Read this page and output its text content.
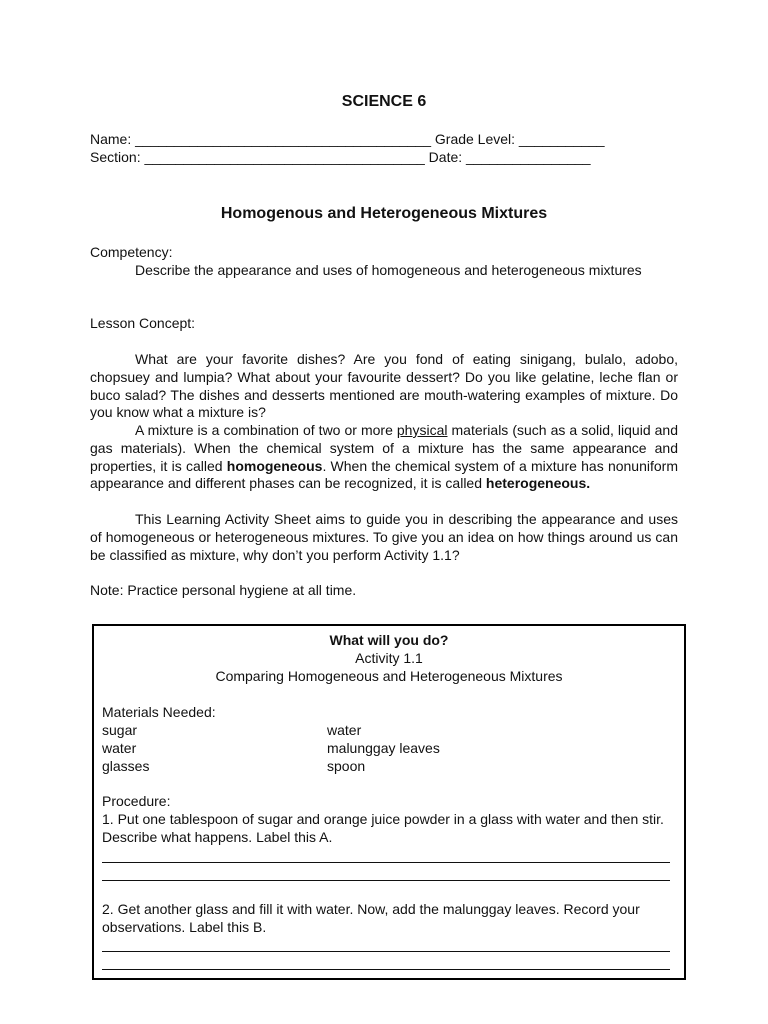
SCIENCE 6
Name: ______________________________________ Grade Level: ___________
Section: ____________________________________ Date: ________________
Homogenous and Heterogeneous Mixtures
Competency:
Describe the appearance and uses of homogeneous and heterogeneous mixtures
Lesson Concept:
What are your favorite dishes? Are you fond of eating sinigang, bulalo, adobo, chopsuey and lumpia? What about your favourite dessert? Do you like gelatine, leche flan or buco salad? The dishes and desserts mentioned are mouth-watering examples of mixture. Do you know what a mixture is?
A mixture is a combination of two or more physical materials (such as a solid, liquid and gas materials). When the chemical system of a mixture has the same appearance and properties, it is called homogeneous. When the chemical system of a mixture has nonuniform appearance and different phases can be recognized, it is called heterogeneous.
This Learning Activity Sheet aims to guide you in describing the appearance and uses of homogeneous or heterogeneous mixtures. To give you an idea on how things around us can be classified as mixture, why don’t you perform Activity 1.1?
Note: Practice personal hygiene at all time.
What will you do?
Activity 1.1
Comparing Homogeneous and Heterogeneous Mixtures
Materials Needed:
sugar
water
glasses
water
malunggay leaves
spoon
Procedure:
1. Put one tablespoon of sugar and orange juice powder in a glass with water and then stir. Describe what happens. Label this A.
2. Get another glass and fill it with water. Now, add the malunggay leaves. Record your observations. Label this B.
